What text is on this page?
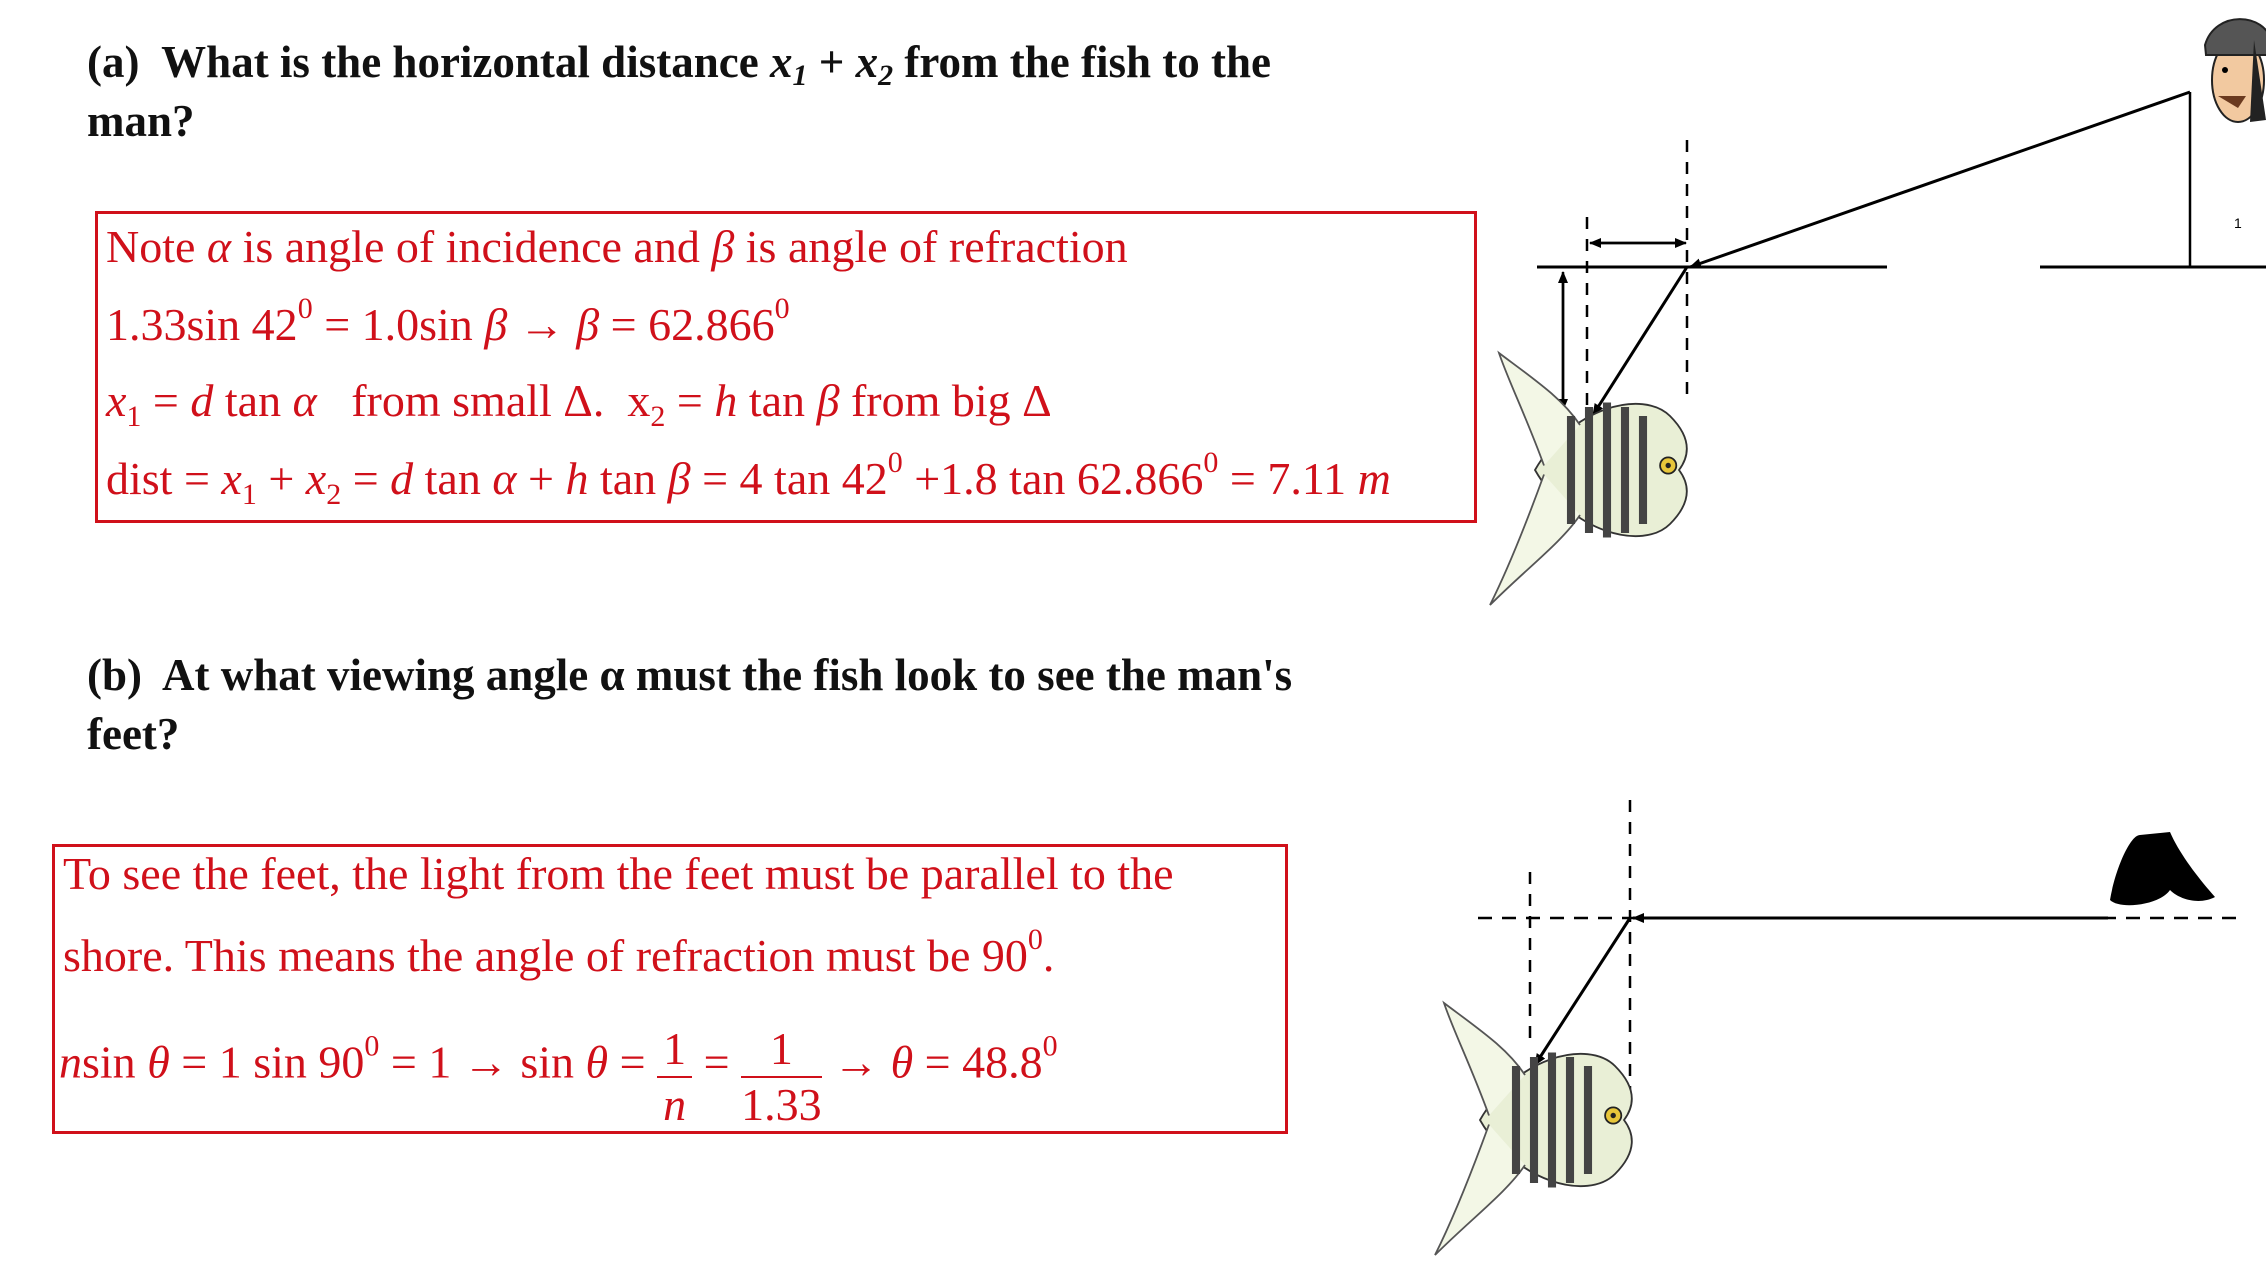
(a) What is the horizontal distance $x_1 + x_2$ from the fish to the
man?
Note α is angle of incidence and β is angle of refraction
1.33sin $42^0 = 1.0\sin$ $\beta \to \beta = 62.866^0$
$x_1 = d$ tan α   from small Δ.  $x_2 = h$ tan β from big Δ
dist = $x_1 + x_2 = d$ tan α + h tan β = 4 $\tan 42^0 +1.8$ $\tan 62.866^0 = 7.11$ m
(b) At what viewing angle α must the fish look to see the man's
feet?
To see the feet, the light from the feet must be parallel to the
shore. This means the angle of refraction must be $90^0$.
nsin θ = 1 $\sin 90^0 = 1 \to \sin \theta = \frac{1}{n} = \frac{1}{1.33} \to \theta = 48.8^0$
1
